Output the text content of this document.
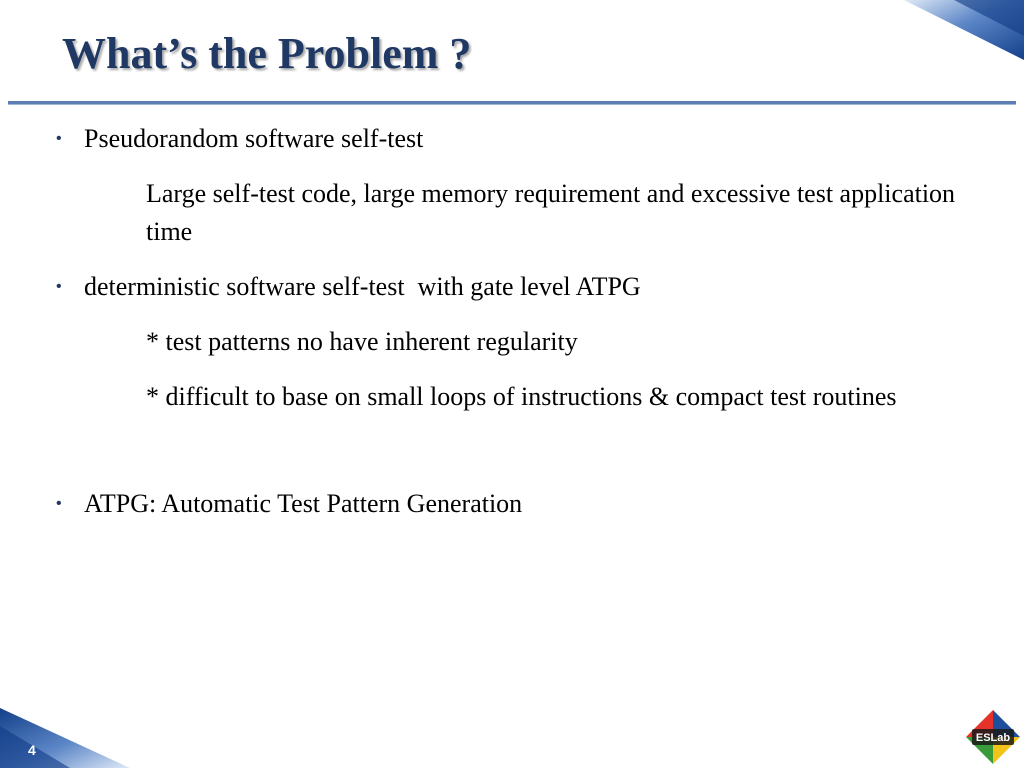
What’s the Problem ?
• Pseudorandom software self-test
Large self-test code, large memory requirement and excessive test application time
• deterministic software self-test  with gate level ATPG
* test patterns no have inherent regularity
* difficult to base on small loops of instructions & compact test routines
• ATPG: Automatic Test Pattern Generation
4
ESLab
